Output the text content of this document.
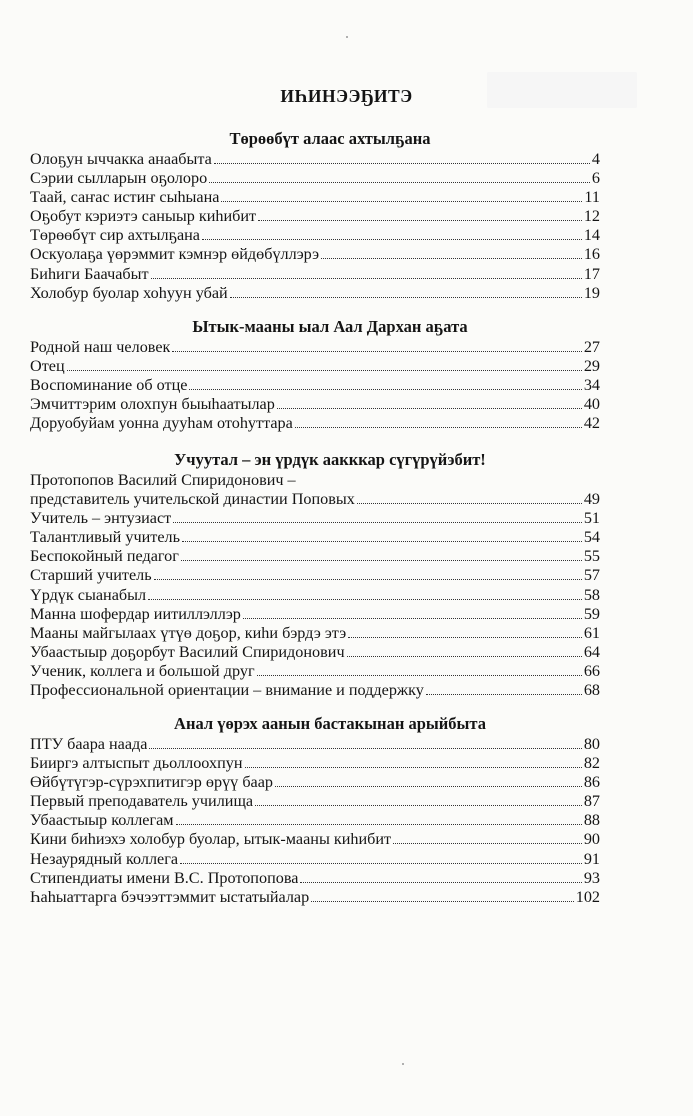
ИҺИНЭЭҔИТЭ
Төрөөбүт алаас ахтылҕана
Олоҕун ыччакка анаабыта	4
Сэрии сылларын оҕолоро	6
Таай, саҥас истиҥ сыһыана	11
Оҕобут кэриэтэ саныыр киһибит	12
Төрөөбүт сир ахтылҕана	14
Оскуолаҕа үөрэммит кэмнэр өйдөбүллэрэ	16
Биһиги Баачабыт	17
Холобур буолар хоһуун убай	19
Ытык-мааны ыал Аал Дархан аҕата
Родной наш человек	27
Отец	29
Воспоминание об отце	34
Эмчиттэрим олохпун быыһаатылар	40
Доруобуйам уонна дууһам отоһуттара	42
Учуутал – эн үрдүк аакккар сүгүрүйэбит!
Протопопов Василий Спиридонович –
представитель учительской династии Поповых	49
Учитель – энтузиаст	51
Талантливый учитель	54
Беспокойный педагог	55
Старший учитель	57
Үрдүк сыанабыл	58
Манна шофердар иитиллэллэр	59
Мааны майгылаах үтүө доҕор, киһи бэрдэ этэ	61
Убаастыыр доҕорбут Василий Спиридонович	64
Ученик, коллега и большой друг	66
Профессиональной ориентации – внимание и поддержку	68
Анал үөрэх аанын бастакынан арыйбыта
ПТУ баара наада	80
Бииргэ алтыспыт дьоллоохпун	82
Өйбүтүгэр-сүрэхпитигэр өрүү баар	86
Первый преподаватель училища	87
Убаастыыр коллегам	88
Кини биһиэхэ холобур буолар, ытык-мааны киһибит	90
Незаурядный коллега	91
Стипендиаты имени В.С. Протопопова	93
Һаһыаттарга бэчээттэммит ыстатыйалар	102
